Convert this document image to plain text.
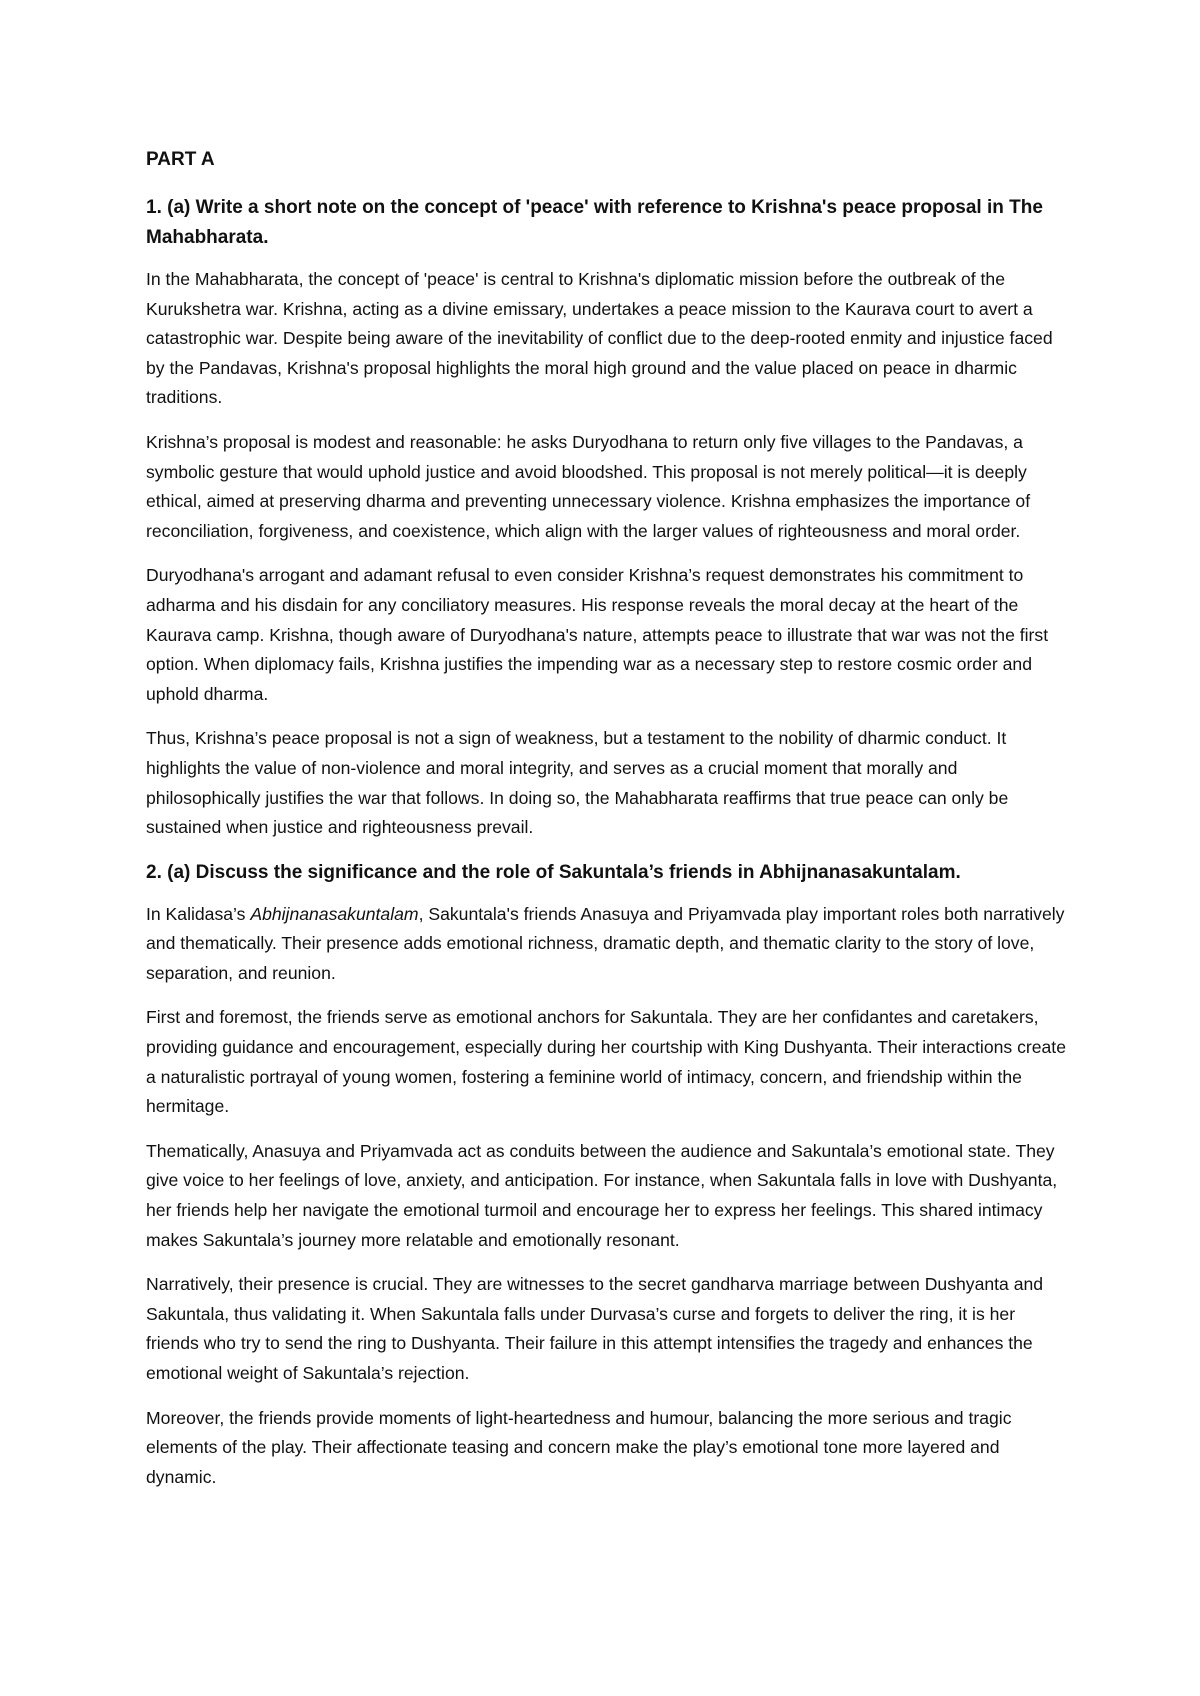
PART A
1. (a) Write a short note on the concept of 'peace' with reference to Krishna's peace proposal in The Mahabharata.

In the Mahabharata, the concept of 'peace' is central to Krishna's diplomatic mission before the outbreak of the Kurukshetra war. Krishna, acting as a divine emissary, undertakes a peace mission to the Kaurava court to avert a catastrophic war. Despite being aware of the inevitability of conflict due to the deep-rooted enmity and injustice faced by the Pandavas, Krishna's proposal highlights the moral high ground and the value placed on peace in dharmic traditions.

Krishna’s proposal is modest and reasonable: he asks Duryodhana to return only five villages to the Pandavas, a symbolic gesture that would uphold justice and avoid bloodshed. This proposal is not merely political—it is deeply ethical, aimed at preserving dharma and preventing unnecessary violence. Krishna emphasizes the importance of reconciliation, forgiveness, and coexistence, which align with the larger values of righteousness and moral order.

Duryodhana's arrogant and adamant refusal to even consider Krishna’s request demonstrates his commitment to adharma and his disdain for any conciliatory measures. His response reveals the moral decay at the heart of the Kaurava camp. Krishna, though aware of Duryodhana's nature, attempts peace to illustrate that war was not the first option. When diplomacy fails, Krishna justifies the impending war as a necessary step to restore cosmic order and uphold dharma.

Thus, Krishna’s peace proposal is not a sign of weakness, but a testament to the nobility of dharmic conduct. It highlights the value of non-violence and moral integrity, and serves as a crucial moment that morally and philosophically justifies the war that follows. In doing so, the Mahabharata reaffirms that true peace can only be sustained when justice and righteousness prevail.

2. (a) Discuss the significance and the role of Sakuntala’s friends in Abhijnanasakuntalam.

In Kalidasa’s Abhijnanasakuntalam, Sakuntala's friends Anasuya and Priyamvada play important roles both narratively and thematically. Their presence adds emotional richness, dramatic depth, and thematic clarity to the story of love, separation, and reunion.

First and foremost, the friends serve as emotional anchors for Sakuntala. They are her confidantes and caretakers, providing guidance and encouragement, especially during her courtship with King Dushyanta. Their interactions create a naturalistic portrayal of young women, fostering a feminine world of intimacy, concern, and friendship within the hermitage.

Thematically, Anasuya and Priyamvada act as conduits between the audience and Sakuntala’s emotional state. They give voice to her feelings of love, anxiety, and anticipation. For instance, when Sakuntala falls in love with Dushyanta, her friends help her navigate the emotional turmoil and encourage her to express her feelings. This shared intimacy makes Sakuntala’s journey more relatable and emotionally resonant.

Narratively, their presence is crucial. They are witnesses to the secret gandharva marriage between Dushyanta and Sakuntala, thus validating it. When Sakuntala falls under Durvasa’s curse and forgets to deliver the ring, it is her friends who try to send the ring to Dushyanta. Their failure in this attempt intensifies the tragedy and enhances the emotional weight of Sakuntala’s rejection.

Moreover, the friends provide moments of light-heartedness and humour, balancing the more serious and tragic elements of the play. Their affectionate teasing and concern make the play’s emotional tone more layered and dynamic.
